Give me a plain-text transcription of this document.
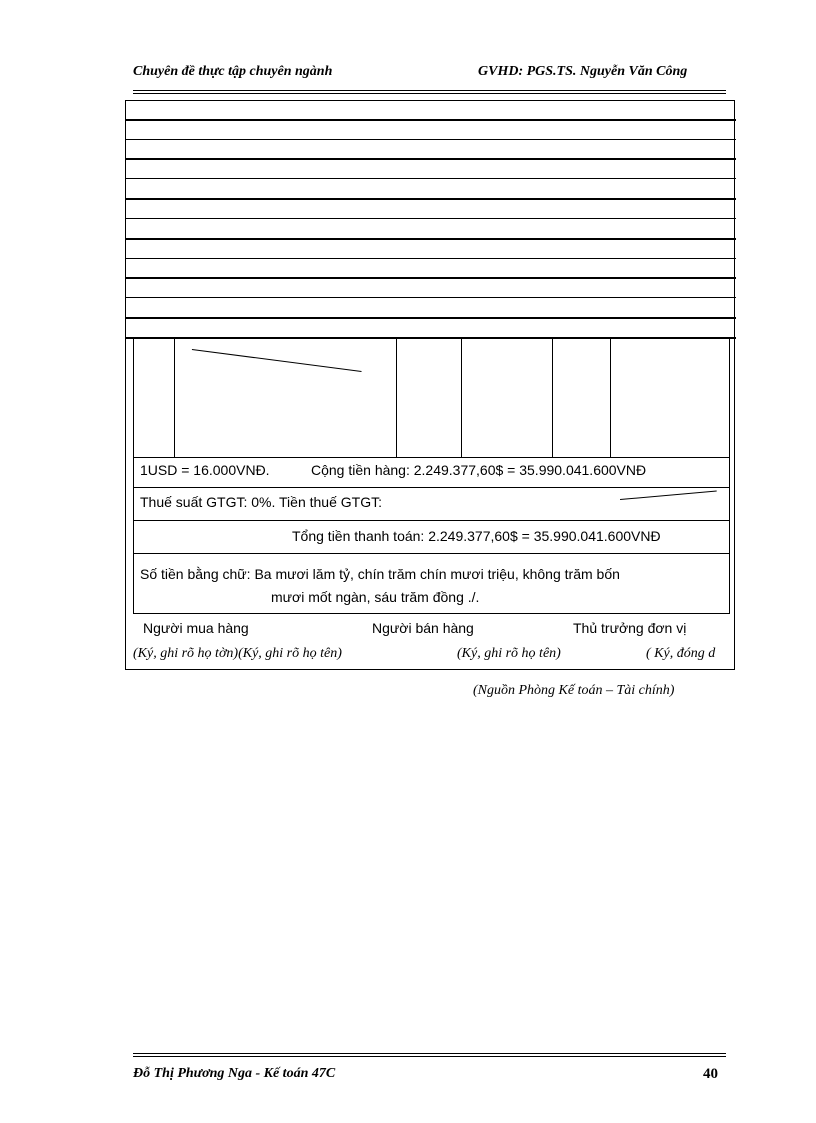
Chuyên đề thực tập chuyên ngành	GVHD: PGS.TS. Nguyễn Văn Công
1USD = 16.000VNĐ.	Cộng tiền hàng: 2.249.377,60$ = 35.990.041.600VNĐ
Thuế suất GTGT: 0%. Tiền thuế GTGT:
Tổng tiền thanh toán: 2.249.377,60$ = 35.990.041.600VNĐ
Số tiền bằng chữ: Ba mươi lăm tỷ, chín trăm chín mươi triệu, không trăm bốn
mươi mốt ngàn, sáu trăm đồng ./.
Người mua hàng	Người bán hàng	Thủ trưởng đơn vị
(Ký, ghi rõ họ tờn)(Ký, ghi rõ họ tên)	(Ký, ghi rõ họ tên)	( Ký, đóng d
(Nguồn Phòng Kế toán – Tài chính)
Đỗ Thị Phương Nga - Kế toán 47C	40
